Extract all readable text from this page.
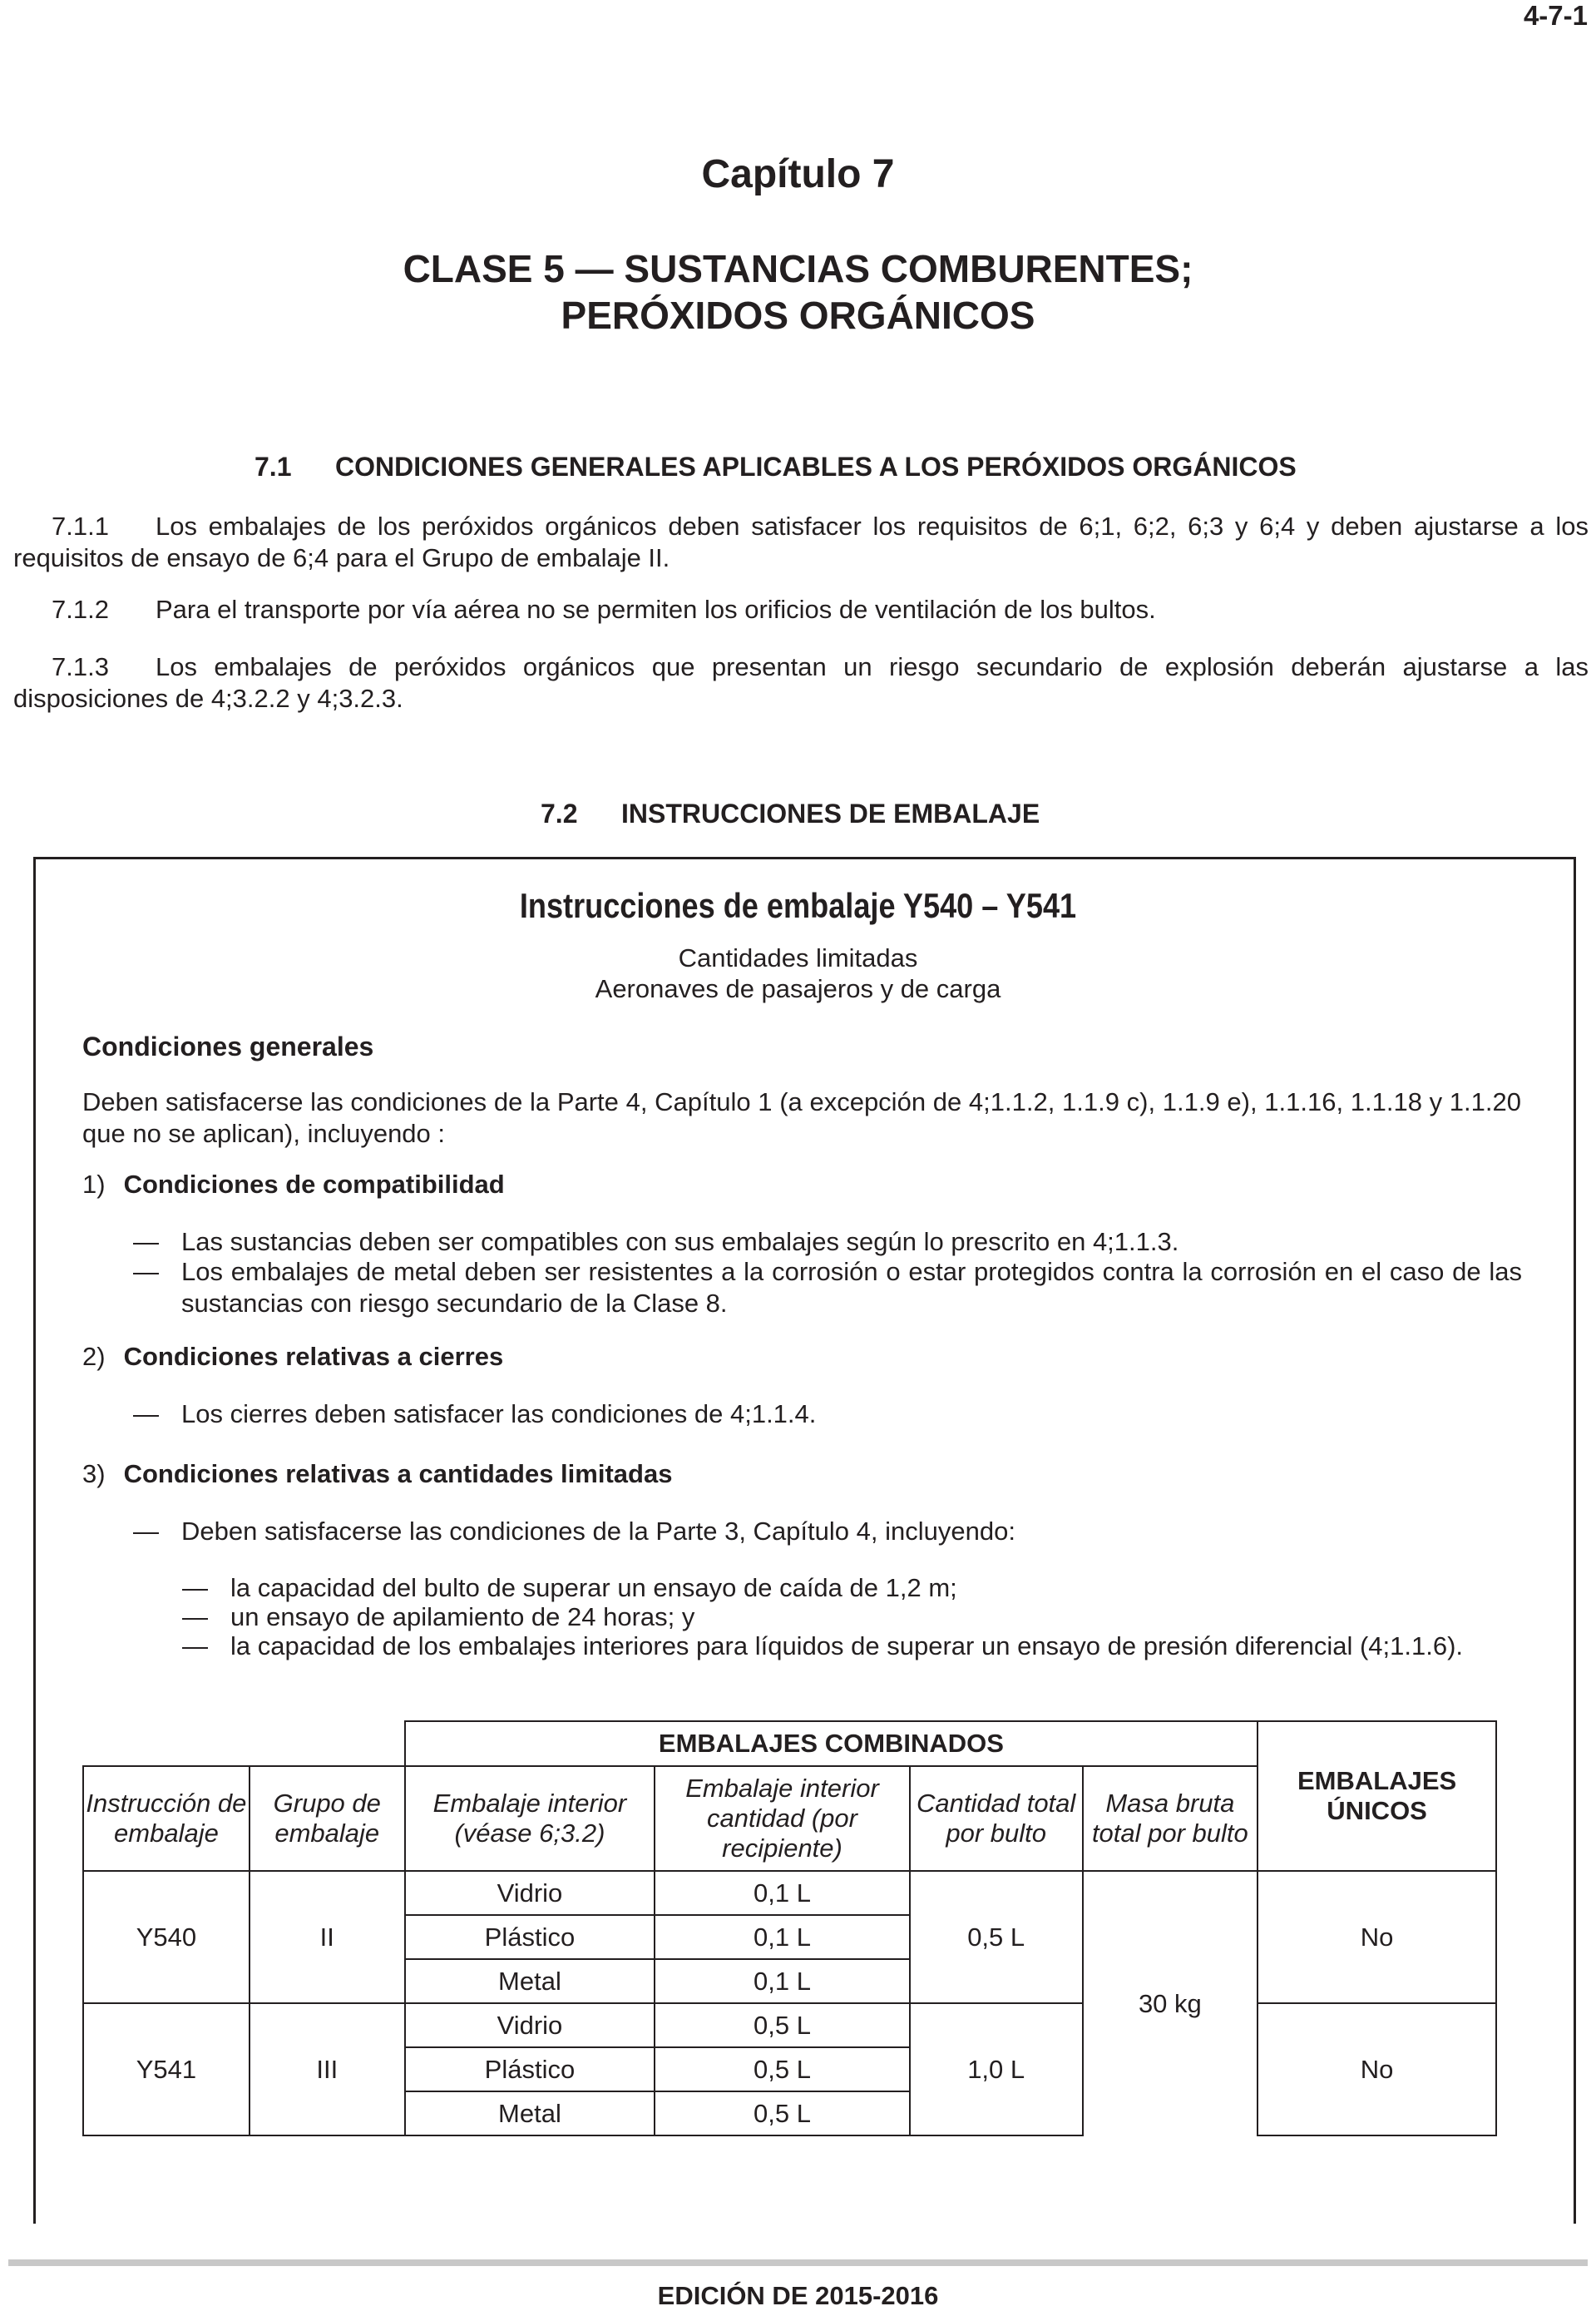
4-7-1
Capítulo 7
CLASE 5 — SUSTANCIAS COMBURENTES;
PERÓXIDOS ORGÁNICOS
7.1 CONDICIONES GENERALES APLICABLES A LOS PERÓXIDOS ORGÁNICOS
7.1.1 Los embalajes de los peróxidos orgánicos deben satisfacer los requisitos de 6;1, 6;2, 6;3 y 6;4 y deben ajustarse a los requisitos de ensayo de 6;4 para el Grupo de embalaje II.
7.1.2 Para el transporte por vía aérea no se permiten los orificios de ventilación de los bultos.
7.1.3 Los embalajes de peróxidos orgánicos que presentan un riesgo secundario de explosión deberán ajustarse a las disposiciones de 4;3.2.2 y 4;3.2.3.
7.2 INSTRUCCIONES DE EMBALAJE
Instrucciones de embalaje Y540 – Y541
Cantidades limitadas
Aeronaves de pasajeros y de carga
Condiciones generales
Deben satisfacerse las condiciones de la Parte 4, Capítulo 1 (a excepción de 4;1.1.2, 1.1.9 c), 1.1.9 e), 1.1.16, 1.1.18 y 1.1.20 que no se aplican), incluyendo :
1) Condiciones de compatibilidad
— Las sustancias deben ser compatibles con sus embalajes según lo prescrito en 4;1.1.3.
— Los embalajes de metal deben ser resistentes a la corrosión o estar protegidos contra la corrosión en el caso de las sustancias con riesgo secundario de la Clase 8.
2) Condiciones relativas a cierres
— Los cierres deben satisfacer las condiciones de 4;1.1.4.
3) Condiciones relativas a cantidades limitadas
— Deben satisfacerse las condiciones de la Parte 3, Capítulo 4, incluyendo:
— la capacidad del bulto de superar un ensayo de caída de 1,2 m;
— un ensayo de apilamiento de 24 horas; y
— la capacidad de los embalajes interiores para líquidos de superar un ensayo de presión diferencial (4;1.1.6).
		EMBALAJES COMBINADOS				EMBALAJES ÚNICOS
Instrucción de embalaje	Grupo de embalaje	Embalaje interior (véase 6;3.2)	Embalaje interior cantidad (por recipiente)	Cantidad total por bulto	Masa bruta total por bulto	
Y540	II	Vidrio	0,1 L	0,5 L	30 kg	No
		Plástico	0,1 L			
		Metal	0,1 L			
Y541	III	Vidrio	0,5 L	1,0 L		No
		Plástico	0,5 L			
		Metal	0,5 L			
EDICIÓN DE 2015-2016
